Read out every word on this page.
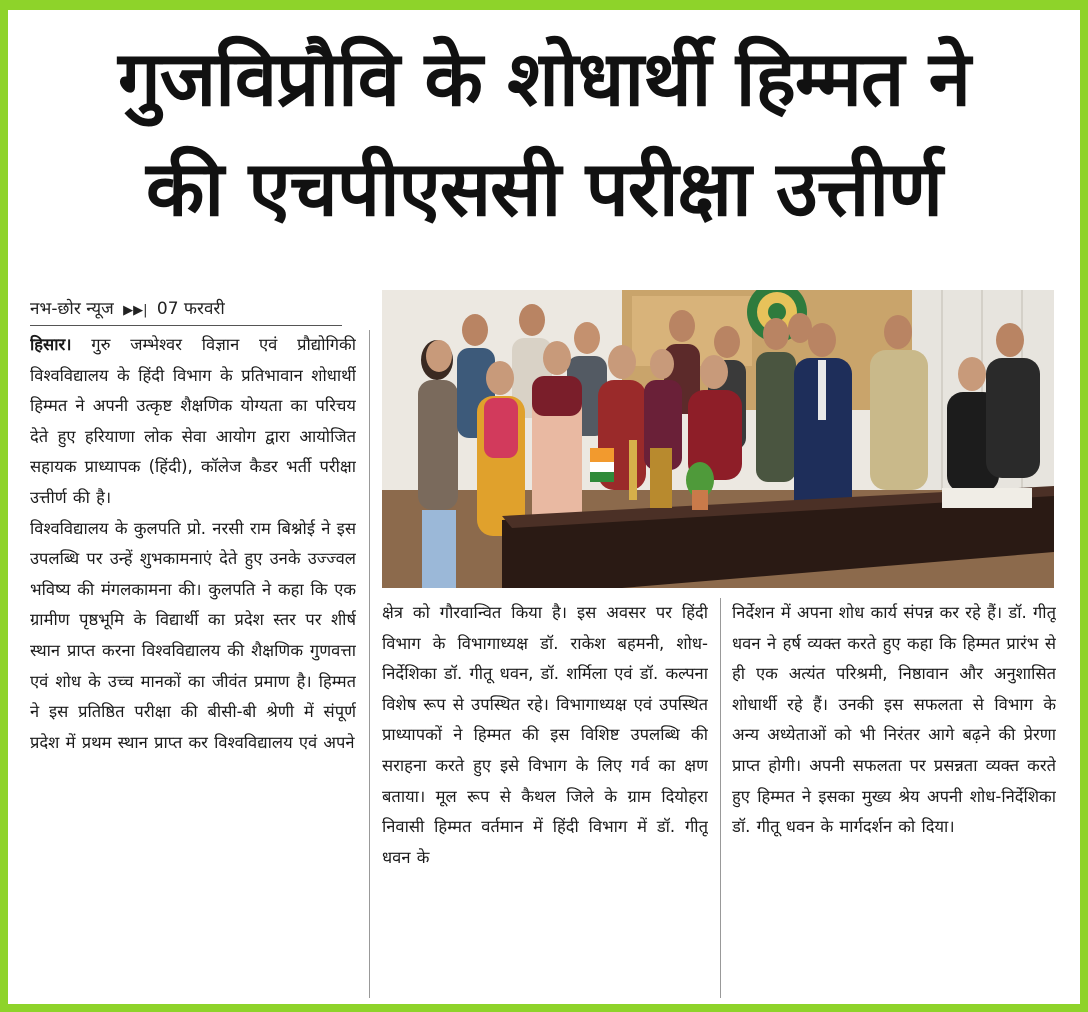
गुजविप्रौवि के शोधार्थी हिम्मत ने
की एचपीएससी परीक्षा उत्तीर्ण
नभ-छोर न्यूज ▶▶| 07 फरवरी

हिसार। गुरु जम्भेश्वर विज्ञान एवं प्रौद्योगिकी विश्वविद्यालय के हिंदी विभाग के प्रतिभावान शोधार्थी हिम्मत ने अपनी उत्कृष्ट शैक्षणिक योग्यता का परिचय देते हुए हरियाणा लोक सेवा आयोग द्वारा आयोजित सहायक प्राध्यापक (हिंदी), कॉलेज कैडर भर्ती परीक्षा उत्तीर्ण की है।

विश्वविद्यालय के कुलपति प्रो. नरसी राम बिश्नोई ने इस उपलब्धि पर उन्हें शुभकामनाएं देते हुए उनके उज्ज्वल भविष्य की मंगलकामना की। कुलपति ने कहा कि एक ग्रामीण पृष्ठभूमि के विद्यार्थी का प्रदेश स्तर पर शीर्ष स्थान प्राप्त करना विश्वविद्यालय की शैक्षणिक गुणवत्ता एवं शोध के उच्च मानकों का जीवंत प्रमाण है। हिम्मत ने इस प्रतिष्ठित परीक्षा की बीसी-बी श्रेणी में संपूर्ण प्रदेश में प्रथम स्थान प्राप्त कर विश्वविद्यालय एवं अपने

क्षेत्र को गौरवान्वित किया है। इस अवसर पर हिंदी विभाग के विभागाध्यक्ष डॉ. राकेश बहमनी, शोध-निर्देशिका डॉ. गीतू धवन, डॉ. शर्मिला एवं डॉ. कल्पना विशेष रूप से उपस्थित रहे। विभागाध्यक्ष एवं उपस्थित प्राध्यापकों ने हिम्मत की इस विशिष्ट उपलब्धि की सराहना करते हुए इसे विभाग के लिए गर्व का क्षण बताया। मूल रूप से कैथल जिले के ग्राम दियोहरा निवासी हिम्मत वर्तमान में हिंदी विभाग में डॉ. गीतू धवन के

निर्देशन में अपना शोध कार्य संपन्न कर रहे हैं। डॉ. गीतू धवन ने हर्ष व्यक्त करते हुए कहा कि हिम्मत प्रारंभ से ही एक अत्यंत परिश्रमी, निष्ठावान और अनुशासित शोधार्थी रहे हैं। उनकी इस सफलता से विभाग के अन्य अध्येताओं को भी निरंतर आगे बढ़ने की प्रेरणा प्राप्त होगी। अपनी सफलता पर प्रसन्नता व्यक्त करते हुए हिम्मत ने इसका मुख्य श्रेय अपनी शोध-निर्देशिका डॉ. गीतू धवन के मार्गदर्शन को दिया।
